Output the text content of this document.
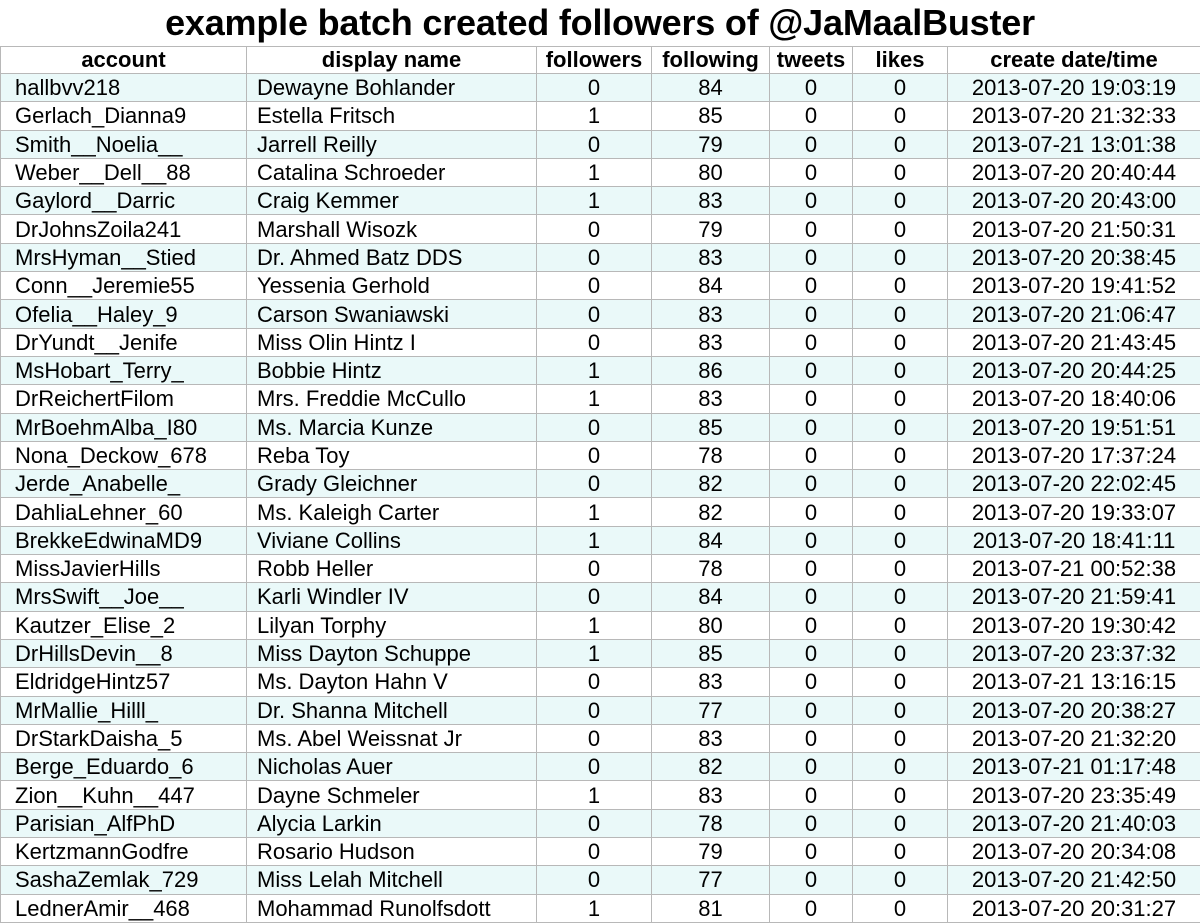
example batch created followers of @JaMaalBuster
account	display name	followers	following	tweets	likes	create date/time
hallbvv218	Dewayne Bohlander	0	84	0	0	2013-07-20 19:03:19
Gerlach_Dianna9	Estella Fritsch	1	85	0	0	2013-07-20 21:32:33
Smith__Noelia__	Jarrell Reilly	0	79	0	0	2013-07-21 13:01:38
Weber__Dell__88	Catalina Schroeder	1	80	0	0	2013-07-20 20:40:44
Gaylord__Darric	Craig Kemmer	1	83	0	0	2013-07-20 20:43:00
DrJohnsZoila241	Marshall Wisozk	0	79	0	0	2013-07-20 21:50:31
MrsHyman__Stied	Dr. Ahmed Batz DDS	0	83	0	0	2013-07-20 20:38:45
Conn__Jeremie55	Yessenia Gerhold	0	84	0	0	2013-07-20 19:41:52
Ofelia__Haley_9	Carson Swaniawski	0	83	0	0	2013-07-20 21:06:47
DrYundt__Jenife	Miss Olin Hintz I	0	83	0	0	2013-07-20 21:43:45
MsHobart_Terry_	Bobbie Hintz	1	86	0	0	2013-07-20 20:44:25
DrReichertFilom	Mrs. Freddie McCullo	1	83	0	0	2013-07-20 18:40:06
MrBoehmAlba_I80	Ms. Marcia Kunze	0	85	0	0	2013-07-20 19:51:51
Nona_Deckow_678	Reba Toy	0	78	0	0	2013-07-20 17:37:24
Jerde_Anabelle_	Grady Gleichner	0	82	0	0	2013-07-20 22:02:45
DahliaLehner_60	Ms. Kaleigh Carter	1	82	0	0	2013-07-20 19:33:07
BrekkeEdwinaMD9	Viviane Collins	1	84	0	0	2013-07-20 18:41:11
MissJavierHills	Robb Heller	0	78	0	0	2013-07-21 00:52:38
MrsSwift__Joe__	Karli Windler IV	0	84	0	0	2013-07-20 21:59:41
Kautzer_Elise_2	Lilyan Torphy	1	80	0	0	2013-07-20 19:30:42
DrHillsDevin__8	Miss Dayton Schuppe	1	85	0	0	2013-07-20 23:37:32
EldridgeHintz57	Ms. Dayton Hahn V	0	83	0	0	2013-07-21 13:16:15
MrMallie_Hilll_	Dr. Shanna Mitchell	0	77	0	0	2013-07-20 20:38:27
DrStarkDaisha_5	Ms. Abel Weissnat Jr	0	83	0	0	2013-07-20 21:32:20
Berge_Eduardo_6	Nicholas Auer	0	82	0	0	2013-07-21 01:17:48
Zion__Kuhn__447	Dayne Schmeler	1	83	0	0	2013-07-20 23:35:49
Parisian_AlfPhD	Alycia Larkin	0	78	0	0	2013-07-20 21:40:03
KertzmannGodfre	Rosario Hudson	0	79	0	0	2013-07-20 20:34:08
SashaZemlak_729	Miss Lelah Mitchell	0	77	0	0	2013-07-20 21:42:50
LednerAmir__468	Mohammad Runolfsdott	1	81	0	0	2013-07-20 20:31:27
